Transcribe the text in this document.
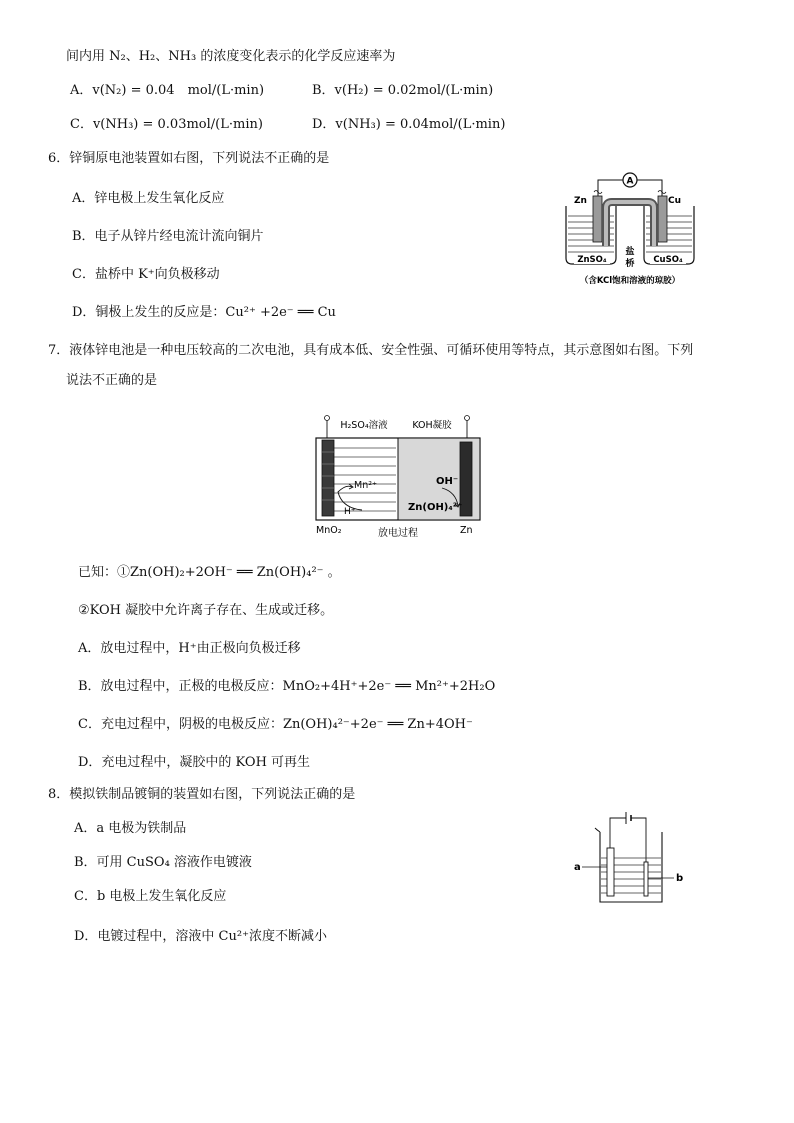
间内用 N₂、H₂、NH₃ 的浓度变化表示的化学反应速率为
A．v(N₂) = 0.04　mol/(L·min)	B．v(H₂) = 0.02mol/(L·min)
C．v(NH₃) = 0.03mol/(L·min)	D．v(NH₃) = 0.04mol/(L·min)
6．锌铜原电池装置如右图，下列说法不正确的是
A．锌电极上发生氧化反应
B．电子从锌片经电流计流向铜片
C．盐桥中 K⁺向负极移动
D．铜极上发生的反应是：Cu²⁺ +2e⁻ ══ Cu
A
Zn	Cu
盐
桥
ZnSO₄	CuSO₄
（含KCl饱和溶液的琼胶）
7．液体锌电池是一种电压较高的二次电池，具有成本低、安全性强、可循环使用等特点，其示意图如右图。下列
说法不正确的是
H₂SO₄溶液	KOH凝胶
Mn²⁺
H⁺
OH⁻
Zn(OH)₄²⁻
MnO₂	Zn
放电过程
已知：①Zn(OH)₂+2OH⁻ ══ Zn(OH)₄²⁻ 。
②KOH 凝胶中允许离子存在、生成或迁移。
A．放电过程中，H⁺由正极向负极迁移
B．放电过程中，正极的电极反应：MnO₂+4H⁺+2e⁻ ══ Mn²⁺+2H₂O
C．充电过程中，阴极的电极反应：Zn(OH)₄²⁻+2e⁻ ══ Zn+4OH⁻
D．充电过程中，凝胶中的 KOH 可再生
8．模拟铁制品镀铜的装置如右图，下列说法正确的是
A．a 电极为铁制品
B．可用 CuSO₄ 溶液作电镀液
C．b 电极上发生氧化反应
D．电镀过程中，溶液中 Cu²⁺浓度不断减小
a
b
